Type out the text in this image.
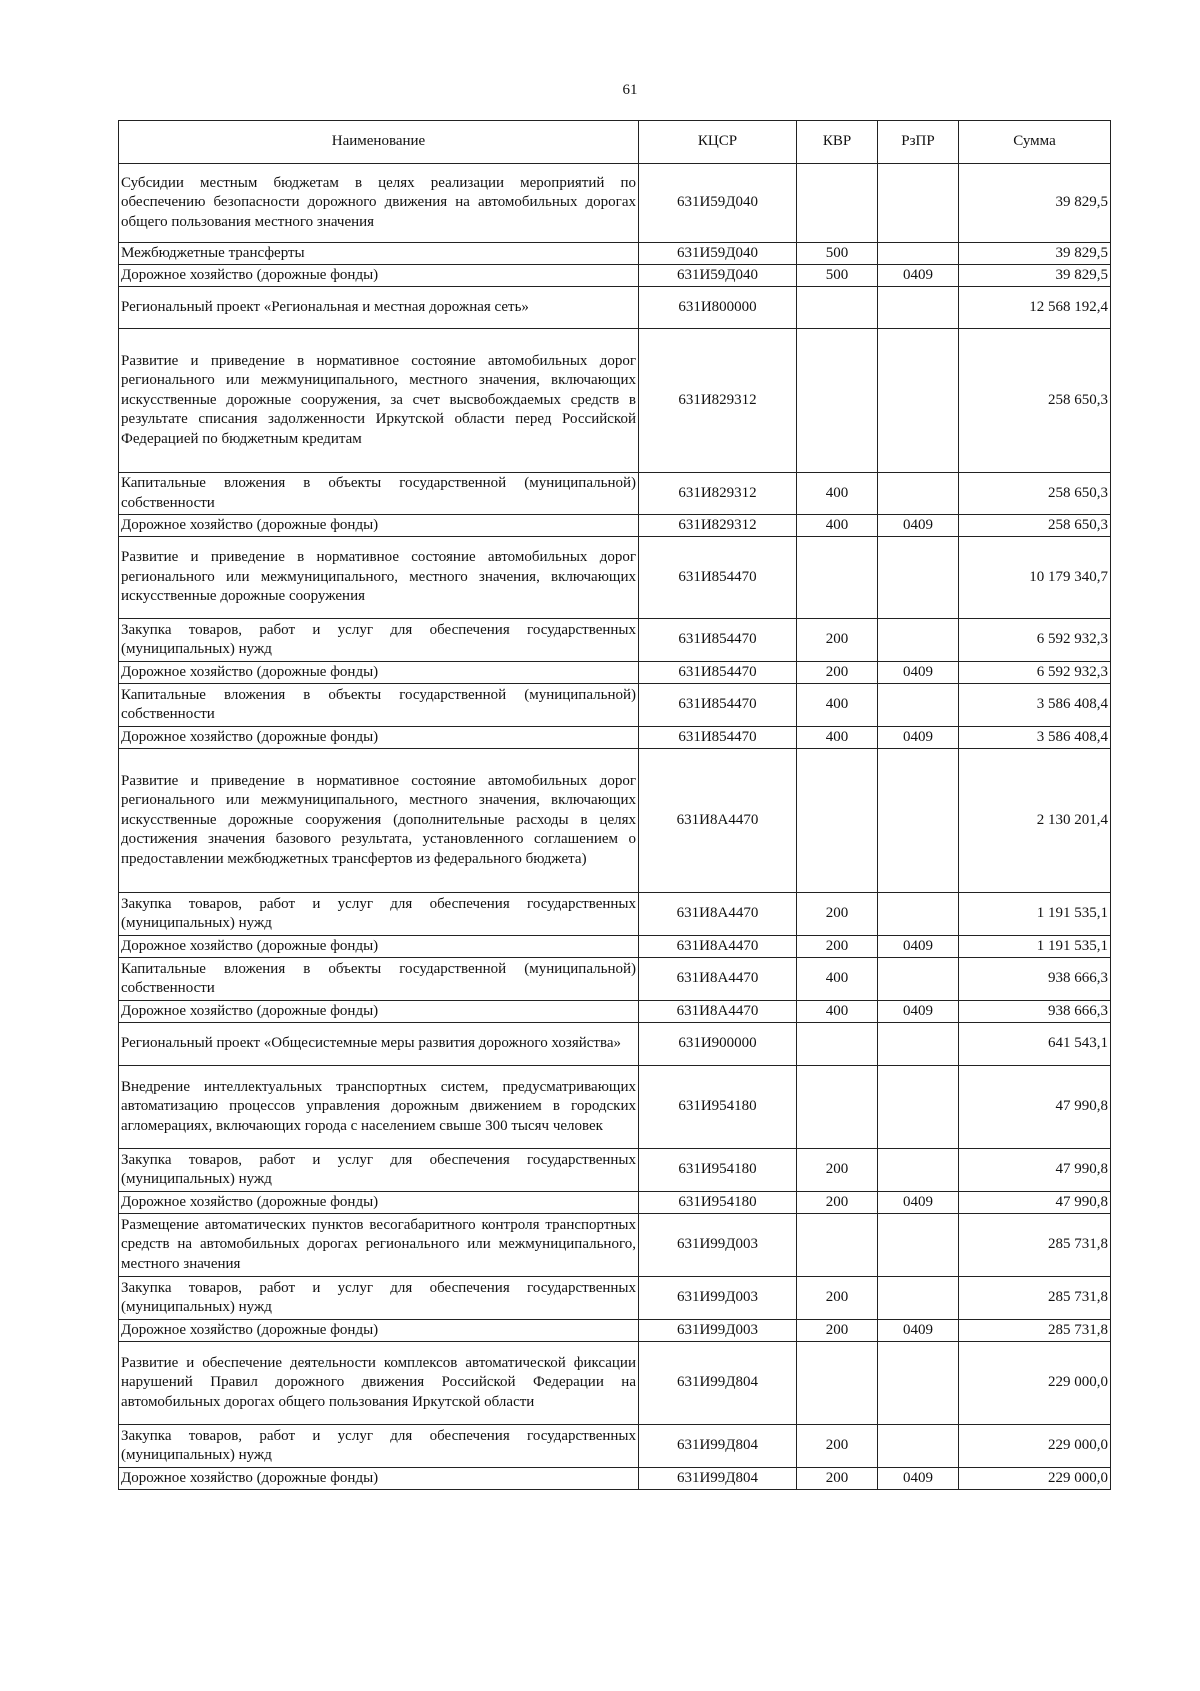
61
Наименование	КЦСР	КВР	РзПР	Сумма
Субсидии местным бюджетам в целях реализации мероприятий по обеспечению безопасности дорожного движения на автомобильных дорогах общего пользования местного значения	631И59Д040			39 829,5
Межбюджетные трансферты	631И59Д040	500		39 829,5
Дорожное хозяйство (дорожные фонды)	631И59Д040	500	0409	39 829,5
Региональный проект «Региональная и местная дорожная сеть»	631И800000			12 568 192,4
Развитие и приведение в нормативное состояние автомобильных дорог регионального или межмуниципального, местного значения, включающих искусственные дорожные сооружения, за счет высвобождаемых средств в результате списания задолженности Иркутской области перед Российской Федерацией по бюджетным кредитам	631И829312			258 650,3
Капитальные вложения в объекты государственной (муниципальной) собственности	631И829312	400		258 650,3
Дорожное хозяйство (дорожные фонды)	631И829312	400	0409	258 650,3
Развитие и приведение в нормативное состояние автомобильных дорог регионального или межмуниципального, местного значения, включающих искусственные дорожные сооружения	631И854470			10 179 340,7
Закупка товаров, работ и услуг для обеспечения государственных (муниципальных) нужд	631И854470	200		6 592 932,3
Дорожное хозяйство (дорожные фонды)	631И854470	200	0409	6 592 932,3
Капитальные вложения в объекты государственной (муниципальной) собственности	631И854470	400		3 586 408,4
Дорожное хозяйство (дорожные фонды)	631И854470	400	0409	3 586 408,4
Развитие и приведение в нормативное состояние автомобильных дорог регионального или межмуниципального, местного значения, включающих искусственные дорожные сооружения (дополнительные расходы в целях достижения значения базового результата, установленного соглашением о предоставлении межбюджетных трансфертов из федерального бюджета)	631И8А4470			2 130 201,4
Закупка товаров, работ и услуг для обеспечения государственных (муниципальных) нужд	631И8А4470	200		1 191 535,1
Дорожное хозяйство (дорожные фонды)	631И8А4470	200	0409	1 191 535,1
Капитальные вложения в объекты государственной (муниципальной) собственности	631И8А4470	400		938 666,3
Дорожное хозяйство (дорожные фонды)	631И8А4470	400	0409	938 666,3
Региональный проект «Общесистемные меры развития дорожного хозяйства»	631И900000			641 543,1
Внедрение интеллектуальных транспортных систем, предусматривающих автоматизацию процессов управления дорожным движением в городских агломерациях, включающих города с населением свыше 300 тысяч человек	631И954180			47 990,8
Закупка товаров, работ и услуг для обеспечения государственных (муниципальных) нужд	631И954180	200		47 990,8
Дорожное хозяйство (дорожные фонды)	631И954180	200	0409	47 990,8
Размещение автоматических пунктов весогабаритного контроля транспортных средств на автомобильных дорогах регионального или межмуниципального, местного значения	631И99Д003			285 731,8
Закупка товаров, работ и услуг для обеспечения государственных (муниципальных) нужд	631И99Д003	200		285 731,8
Дорожное хозяйство (дорожные фонды)	631И99Д003	200	0409	285 731,8
Развитие и обеспечение деятельности комплексов автоматической фиксации нарушений Правил дорожного движения Российской Федерации на автомобильных дорогах общего пользования Иркутской области	631И99Д804			229 000,0
Закупка товаров, работ и услуг для обеспечения государственных (муниципальных) нужд	631И99Д804	200		229 000,0
Дорожное хозяйство (дорожные фонды)	631И99Д804	200	0409	229 000,0
